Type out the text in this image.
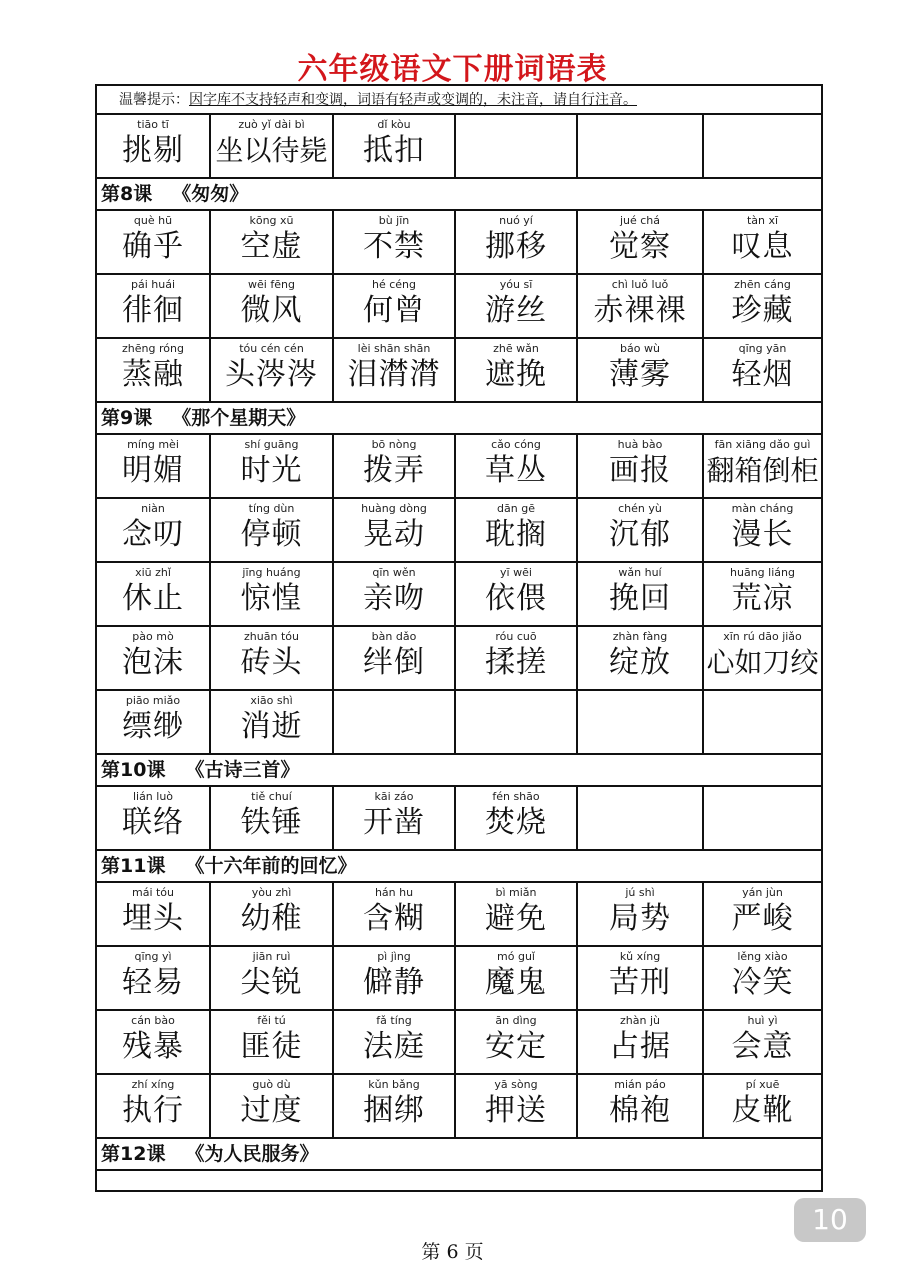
六年级语文下册词语表
温馨提示：因字库不支持轻声和变调，词语有轻声或变调的，未注音，请自行注音。
tiāo tī
挑剔
zuò yǐ dài bì
坐以待毙
dǐ kòu
抵扣
第8课 《匆匆》
què hū
确乎
kōng xū
空虚
bù jīn
不禁
nuó yí
挪移
jué chá
觉察
tàn xī
叹息
pái huái
徘徊
wēi fēng
微风
hé céng
何曾
yóu sī
游丝
chì luǒ luǒ
赤裸裸
zhēn cáng
珍藏
zhēng róng
蒸融
tóu cén cén
头涔涔
lèi shān shān
泪潸潸
zhē wǎn
遮挽
báo wù
薄雾
qīng yān
轻烟
第9课 《那个星期天》
míng mèi
明媚
shí guāng
时光
bō nòng
拨弄
cǎo cóng
草丛
huà bào
画报
fān xiāng dǎo guì
翻箱倒柜
niàn
念叨
tíng dùn
停顿
huàng dòng
晃动
dān gē
耽搁
chén yù
沉郁
màn cháng
漫长
xiū zhǐ
休止
jīng huáng
惊惶
qīn wěn
亲吻
yī wēi
依偎
wǎn huí
挽回
huāng liáng
荒凉
pào mò
泡沫
zhuān tóu
砖头
bàn dǎo
绊倒
róu cuō
揉搓
zhàn fàng
绽放
xīn rú dāo jiǎo
心如刀绞
piāo miǎo
缥缈
xiāo shì
消逝
第10课 《古诗三首》
lián luò
联络
tiě chuí
铁锤
kāi záo
开凿
fén shāo
焚烧
第11课 《十六年前的回忆》
mái tóu
埋头
yòu zhì
幼稚
hán hu
含糊
bì miǎn
避免
jú shì
局势
yán jùn
严峻
qīng yì
轻易
jiān ruì
尖锐
pì jìng
僻静
mó guǐ
魔鬼
kǔ xíng
苦刑
lěng xiào
冷笑
cán bào
残暴
fěi tú
匪徒
fǎ tíng
法庭
ān dìng
安定
zhàn jù
占据
huì yì
会意
zhí xíng
执行
guò dù
过度
kǔn bǎng
捆绑
yā sòng
押送
mián páo
棉袍
pí xuē
皮靴
第12课 《为人民服务》
第 6 页
10
